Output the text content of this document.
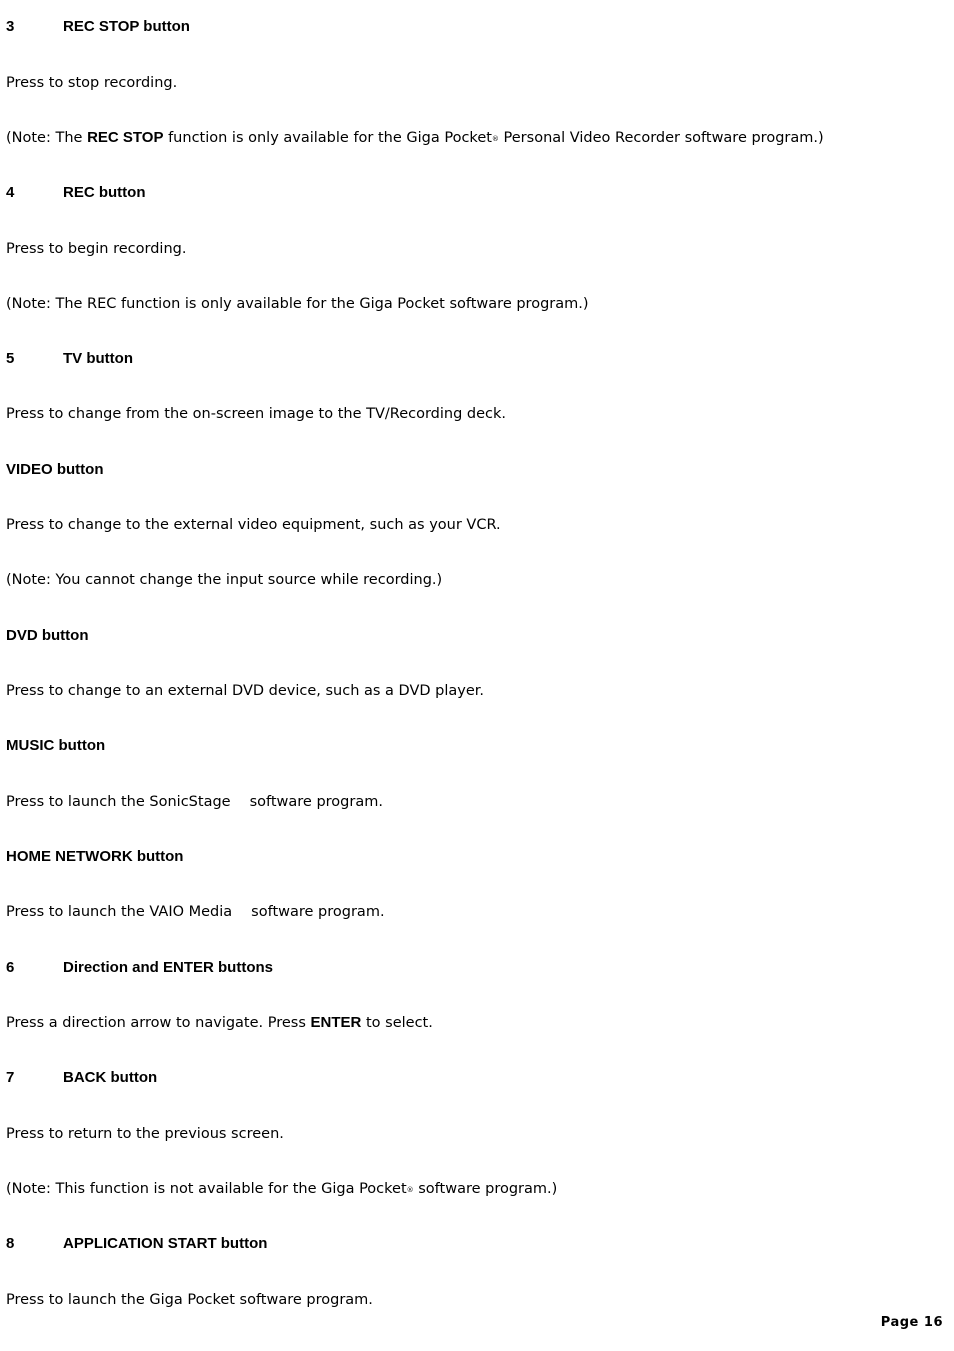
3	REC STOP button
Press to stop recording.
(Note: The REC STOP function is only available for the Giga Pocket® Personal Video Recorder software program.)
4	REC button
Press to begin recording.
(Note: The REC function is only available for the Giga Pocket software program.)
5	TV button
Press to change from the on-screen image to the TV/Recording deck.
VIDEO button
Press to change to the external video equipment, such as your VCR.
(Note: You cannot change the input source while recording.)
DVD button
Press to change to an external DVD device, such as a DVD player.
MUSIC button
Press to launch the SonicStage software program.
HOME NETWORK button
Press to launch the VAIO Media software program.
6	Direction and ENTER buttons
Press a direction arrow to navigate. Press ENTER to select.
7	BACK button
Press to return to the previous screen.
(Note: This function is not available for the Giga Pocket® software program.)
8	APPLICATION START button
Press to launch the Giga Pocket software program.
Page 16
